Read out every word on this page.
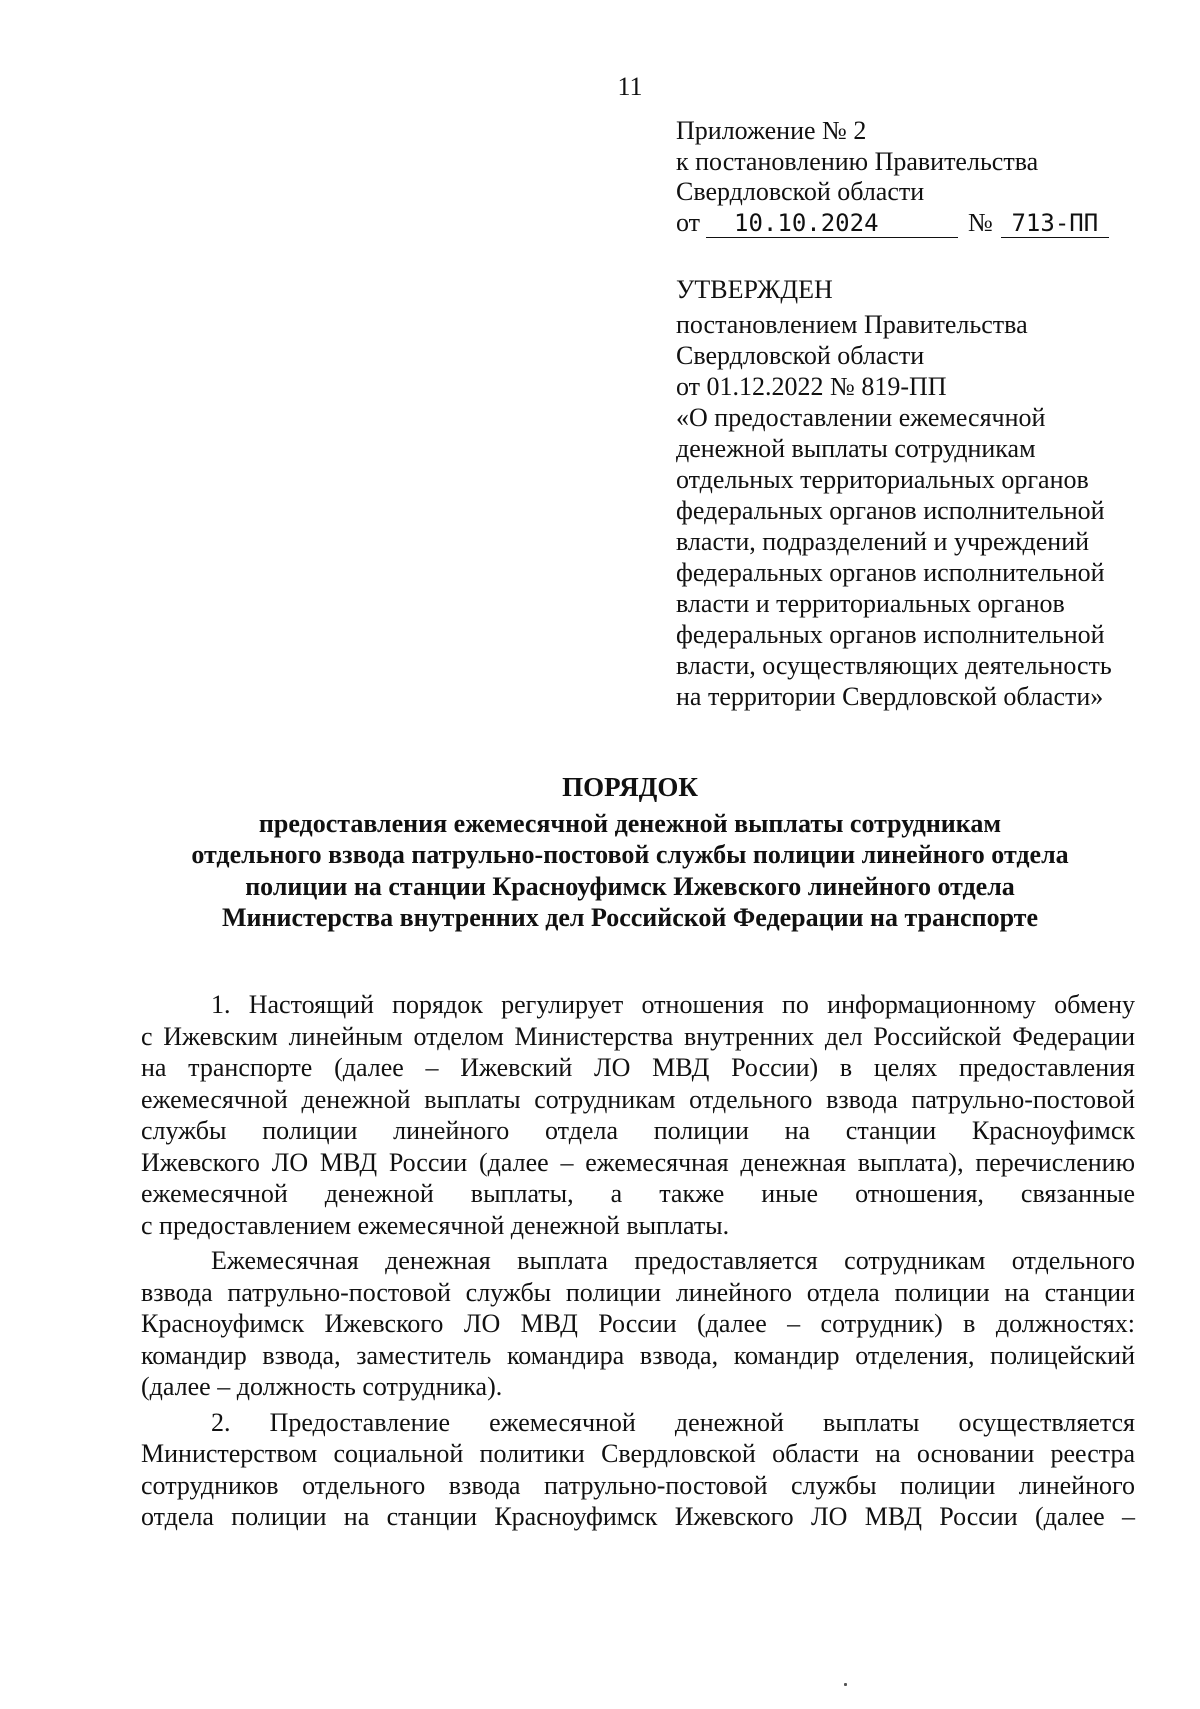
11
Приложение № 2
к постановлению Правительства
Свердловской области
от	10.10.2024	№ 713-ПП
УТВЕРЖДЕН
постановлением Правительства
Свердловской области
от 01.12.2022 № 819-ПП
«О предоставлении ежемесячной
денежной выплаты сотрудникам
отдельных территориальных органов
федеральных органов исполнительной
власти, подразделений и учреждений
федеральных органов исполнительной
власти и территориальных органов
федеральных органов исполнительной
власти, осуществляющих деятельность
на территории Свердловской области»
ПОРЯДОК
предоставления ежемесячной денежной выплаты сотрудникам
отдельного взвода патрульно-постовой службы полиции линейного отдела
полиции на станции Красноуфимск Ижевского линейного отдела
Министерства внутренних дел Российской Федерации на транспорте
1. Настоящий порядок регулирует отношения по информационному обмену
с Ижевским линейным отделом Министерства внутренних дел Российской Федерации
на транспорте (далее – Ижевский ЛО МВД России) в целях предоставления
ежемесячной денежной выплаты сотрудникам отдельного взвода патрульно-постовой
службы полиции линейного отдела полиции на станции Красноуфимск
Ижевского ЛО МВД России (далее – ежемесячная денежная выплата), перечислению
ежемесячной денежной выплаты, а также иные отношения, связанные
с предоставлением ежемесячной денежной выплаты.
Ежемесячная денежная выплата предоставляется сотрудникам отдельного
взвода патрульно-постовой службы полиции линейного отдела полиции на станции
Красноуфимск Ижевского ЛО МВД России (далее – сотрудник) в должностях:
командир взвода, заместитель командира взвода, командир отделения, полицейский
(далее – должность сотрудника).
2. Предоставление ежемесячной денежной выплаты осуществляется
Министерством социальной политики Свердловской области на основании реестра
сотрудников отдельного взвода патрульно-постовой службы полиции линейного
отдела полиции на станции Красноуфимск Ижевского ЛО МВД России (далее –
